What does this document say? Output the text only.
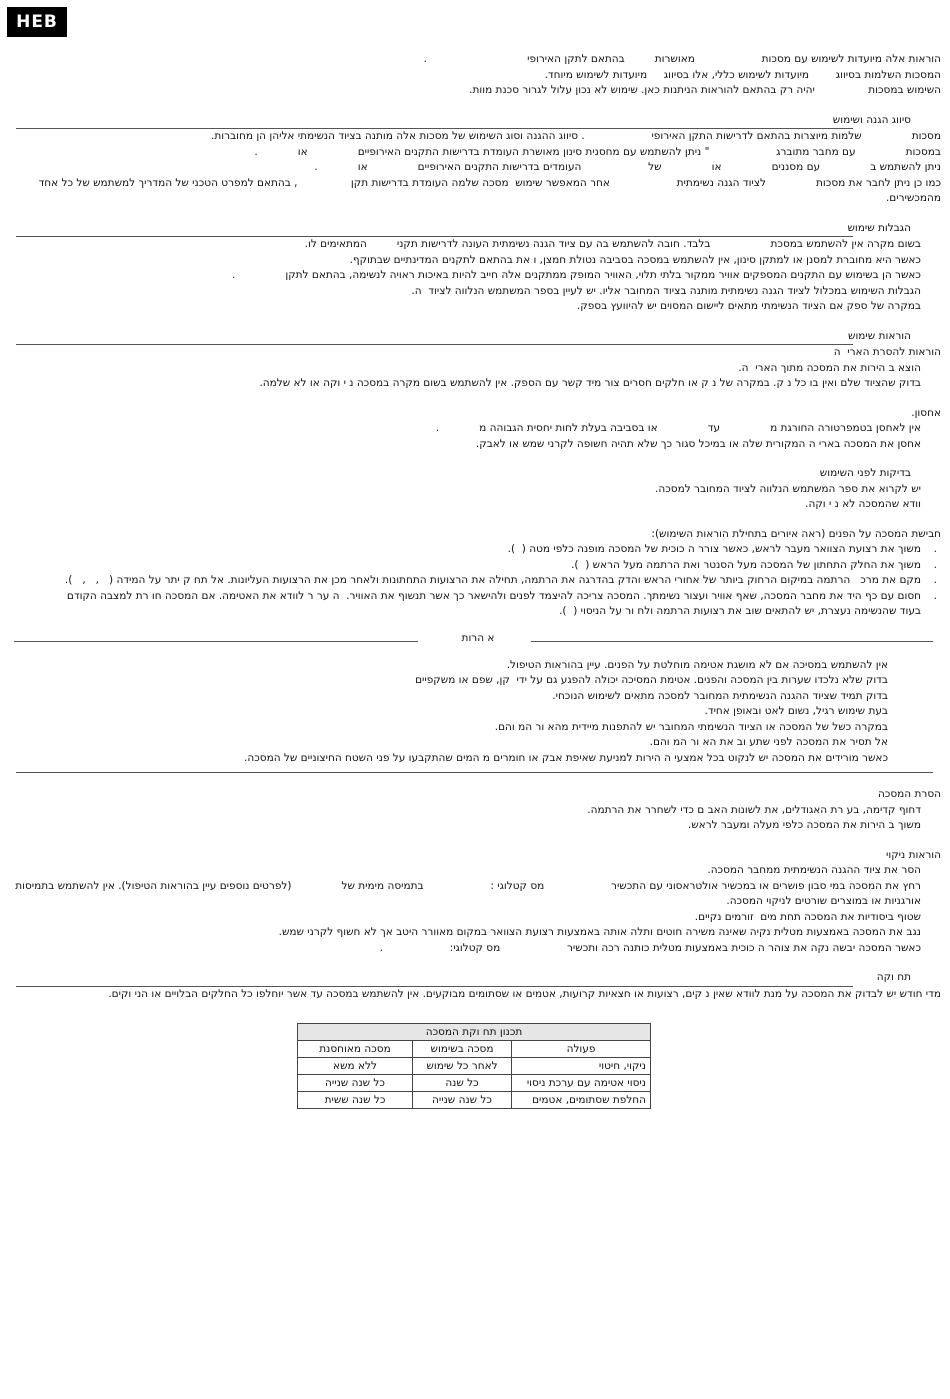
HEB
הוראות אלה מיועדות לשימוש עם מסכות                    מאושרות         בהתאם לתקן האירופי                              .
המסכות השלמות בסיווג        מיועדות לשימוש כללי, אלו בסיווג     מיועדות לשימוש מיוחד.
השימוש במסכות                יהיה רק בהתאם להוראות הניתנות כאן. שימוש לא נכון עלול לגרור סכנת מוות.
סיווג הגנה ושימוש
מסכות               שלמות מיוצרות בהתאם לדרישות התקן האירופי                    . סיווג ההגנה וסוג השימוש של מסכות אלה מותנה בציוד הנשימתי אליהן הן מחוברות.
במסכות               עם מחבר מתוברג                    " ניתן להשתמש עם מחסנית סינון מאושרת העומדת בדרישות התקנים האירופיים               או            .
ניתן להשתמש ב               עם מסננים               או               של                    העומדים בדרישות התקנים האירופיים               או            .
כמו כן ניתן לחבר את מסכות               לציוד הגנה נשימתית                    אחר המאפשר שימוש  מסכה שלמה העומדת בדרישות תקן                , בהתאם למפרט הטכני של המדריך למשתמש של כל אחד
מהמכשירים.
הגבלות שימוש
בשום מקרה אין להשתמש במסכת                  בלבד. חובה להשתמש בה עם ציוד הגנה נשימתית העונה לדרישות תקני         המתאימים לו.
כאשר היא מחוברת למסנן או למתקן סינון, אין להשתמש במסכה בסביבה נטולת חמצן, ו את בהתאם לתקנים המדינתיים שבתוקף.
כאשר הן בשימוש עם התקנים המספקים אוויר ממקור בלתי תלוי, האוויר המופק ממתקנים אלה חייב להיות באיכות ראויה לנשימה, בהתאם לתקן               .
הגבלות השימוש במכלול לציוד הגנה נשימתית מותנה בציוד המחובר אליו. יש לעיין בספר המשתמש הנלווה לציוד  ה.
במקרה של ספק אם הציוד הנשימתי מתאים ליישום המסוים יש להיוועץ בספק.
הוראות שימוש
הוראות להסרת הארי  ה
הוצא ב הירות את המסכה מתוך הארי  ה.
בדוק שהציוד שלם ואין בו כל נ ק. במקרה של נ ק או חלקים חסרים צור מיד קשר עם הספק. אין להשתמש בשום מקרה במסכה נ י וקה או לא שלמה.
אחסון.
אין לאחסן בטמפרטורה החורגת מ               עד               או בסביבה בעלת לחות יחסית הגבוהה מ            .
אחסן את המסכה בארי ה המקורית שלה או במיכל סגור כך שלא תהיה חשופה לקרני שמש או לאבק.
בדיקות לפני השימוש
יש לקרוא את ספר המשתמש הנלווה לציוד המחובר למסכה.
וודא שהמסכה לא נ י וקה.
חבישת המסכה על הפנים (ראה איורים בתחילת הוראות השימוש):
.
משוך את רצועת הצוואר מעבר לראש, כאשר צורר ה כוכית של המסכה מופנה כלפי מטה (  ).
.
משוך את החלק התחתון של המסכה מעל הסנטר ואת הרתמה מעל הראש (  ).
.
מקם את מרכ   הרתמה במיקום הרחוק ביותר של אחורי הראש והדק בהדרגה את הרתמה, תחילה את הרצועות התחתונות ולאחר מכן את הרצועות העליונות. אל תח ק יתר על המידה (   ,   ,   ).
.
חסום עם כף היד את מחבר המסכה, שאף אוויר ועצור נשימתך. המסכה צריכה להיצמד לפנים ולהישאר כך אשר תנשוף את האוויר.  ה ער ר לוודא את האטימה. אם המסכה חו רת למצבה הקודם
בעוד שהנשימה נעצרת, יש להתאים שוב את רצועות הרתמה ולח ור על הניסוי (  ).
א הרות
אין להשתמש במסיכה אם לא מושגת אטימה מוחלטת על הפנים. עיין בהוראות הטיפול.
בדוק שלא נלכדו שערות בין המסכה והפנים. אטימת המסיכה יכולה להפגע גם על ידי  קן, שפם או משקפיים
בדוק תמיד שציוד ההגנה הנשימתית המחובר למסכה מתאים לשימוש הנוכחי.
בעת שימוש רגיל, נשום לאט ובאופן אחיד.
במקרה כשל של המסכה או הציוד הנשימתי המחובר יש להתפנות מיידית מהא ור המ והם.
אל תסיר את המסכה לפני שתע וב את הא ור המ והם.
כאשר מורידים את המסכה יש לנקוט בכל אמצעי ה הירות למניעת שאיפת אבק או חומרים מ המים שהתקבעו על פני השטח החיצוניים של המסכה.
הסרת המסכה
דחוף קדימה, בע רת האגודלים, את לשונות האב ם כדי לשחרר את הרתמה.
משוך ב הירות את המסכה כלפי מעלה ומעבר לראש.
הוראות ניקוי
הסר את ציוד ההגנה הנשימתית ממחבר המסכה.
רחץ את המסכה במי סבון פושרים או במכשיר אולטראסוני עם התכשיר                    מס קטלוגי :                    בתמיסה מימית של               (לפרטים נוספים עיין בהוראות הטיפול). אין להשתמש בתמיסות
אורגניות או במוצרים שורטים לניקוי המסכה.
שטוף ביסודיות את המסכה תחת מים  זורמים נקיים.
נגב את המסכה באמצעות מטלית נקיה שאינה משירה חוטים ותלה אותה באמצעות רצועת הצוואר במקום מאוורר היטב אך לא חשוף לקרני שמש.
כאשר המסכה יבשה נקה את צוהר ה כוכית באמצעות מטלית כותנה רכה ותכשיר                    מס קטלוגי:                    .
תח וקה
מדי חודש יש לבדוק את המסכה על מנת לוודא שאין נ קים, רצועות או חצאיות קרועות, אטמים או שסתומים מבוקעים. אין להשתמש במסכה עד אשר יוחלפו כל החלקים הבלויים או הני וקים.
תכנון תח וקת המסכה		
פעולה	מסכה בשימוש	מסכה מאוחסנת
ניקוי, חיטוי	לאחר כל שימוש	ללא משא
ניסוי אטימה עם ערכת ניסוי	כל שנה	כל שנה שנייה
החלפת שסתומים, אטמים	כל שנה שנייה	כל שנה ששית
